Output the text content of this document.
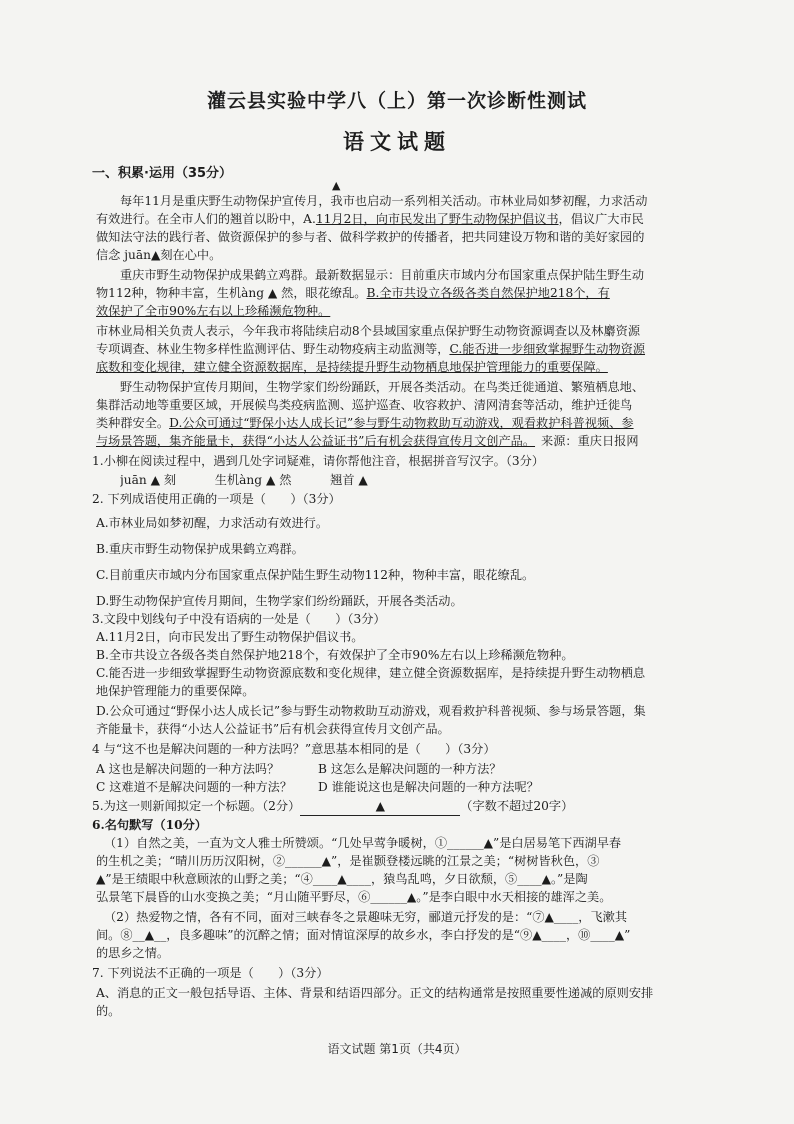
灌云县实验中学八（上）第一次诊断性测试
语文试题
一、积累·运用（35分）
▲
每年11月是重庆野生动物保护宣传月，我市也启动一系列相关活动。市林业局如梦初醒，力求活动
有效进行。在全市人们的翘首以盼中，A.11月2日，向市民发出了野生动物保护倡议书，倡议广大市民
做知法守法的践行者、做资源保护的参与者、做科学救护的传播者，把共同建设万物和谐的美好家园的
信念 juān▲刻在心中。
重庆市野生动物保护成果鹤立鸡群。最新数据显示：目前重庆市域内分布国家重点保护陆生野生动
物112种，物种丰富，生机àng ▲ 然，眼花缭乱。B.全市共设立各级各类自然保护地218个，有
效保护了全市90%左右以上珍稀濒危物种。
市林业局相关负责人表示，今年我市将陆续启动8个县域国家重点保护野生动物资源调查以及林麝资源
专项调查、林业生物多样性监测评估、野生动物疫病主动监测等，C.能否进一步细致掌握野生动物资源
底数和变化规律，建立健全资源数据库，是持续提升野生动物栖息地保护管理能力的重要保障。
野生动物保护宣传月期间，生物学家们纷纷踊跃，开展各类活动。在鸟类迁徙通道、繁殖栖息地、
集群活动地等重要区域，开展候鸟类疫病监测、巡护巡查、收容救护、清网清套等活动，维护迁徙鸟
类种群安全。D.公众可通过“野保小达人成长记”参与野生动物救助互动游戏，观看救护科普视频、参
与场景答题，集齐能量卡，获得“小达人公益证书”后有机会获得宣传月文创产品。 来源：重庆日报网
1.小柳在阅读过程中，遇到几处字词疑难，请你帮他注音，根据拼音写汉字。（3分）
juān ▲ 刻          生机àng ▲ 然          翘首 ▲
2. 下列成语使用正确的一项是（　　）（3分）
A.市林业局如梦初醒，力求活动有效进行。
B.重庆市野生动物保护成果鹤立鸡群。
C.目前重庆市域内分布国家重点保护陆生野生动物112种，物种丰富，眼花缭乱。
D.野生动物保护宣传月期间，生物学家们纷纷踊跃，开展各类活动。
3.文段中划线句子中没有语病的一处是（　　）（3分）
A.11月2日，向市民发出了野生动物保护倡议书。
B.全市共设立各级各类自然保护地218个，有效保护了全市90%左右以上珍稀濒危物种。
C.能否进一步细致掌握野生动物资源底数和变化规律，建立健全资源数据库，是持续提升野生动物栖息
地保护管理能力的重要保障。
D.公众可通过“野保小达人成长记”参与野生动物救助互动游戏，观看救护科普视频、参与场景答题，集
齐能量卡，获得“小达人公益证书”后有机会获得宣传月文创产品。
4 与“这不也是解决问题的一种方法吗？”意思基本相同的是（　　）（3分）
A 这也是解决问题的一种方法吗？	B 这怎么是解决问题的一种方法？
C 这难道不是解决问题的一种方法？	D 谁能说这也是解决问题的一种方法呢？
5.为这一则新闻拟定一个标题。（2分）	▲	（字数不超过20字）
6.名句默写（10分）
（1）自然之美，一直为文人雅士所赞颂。“几处早莺争暖树，①______▲”是白居易笔下西湖早春
的生机之美；“晴川历历汉阳树，②______▲”，是崔颢登楼远眺的江景之美；“树树皆秋色，③
▲”是王绩眼中秋意顾浓的山野之美；“④____▲____，猿鸟乱鸣，夕日欲颓，⑤____▲。”是陶
弘景笔下晨昏的山水变换之美；“月山随平野尽，⑥______▲。”是李白眼中水天相接的雄浑之美。
（2）热爱物之情，各有不同，面对三峡春冬之景趣味无穷，郦道元抒发的是：“⑦▲____，飞漱其
间。⑧__▲__，良多趣味”的沉醉之情；面对情谊深厚的故乡水，李白抒发的是“⑨▲____，⑩____▲”
的思乡之情。
7. 下列说法不正确的一项是（　　）（3分）
A、消息的正文一般包括导语、主体、背景和结语四部分。正文的结构通常是按照重要性递减的原则安排
的。
语文试题 第1页（共4页）
